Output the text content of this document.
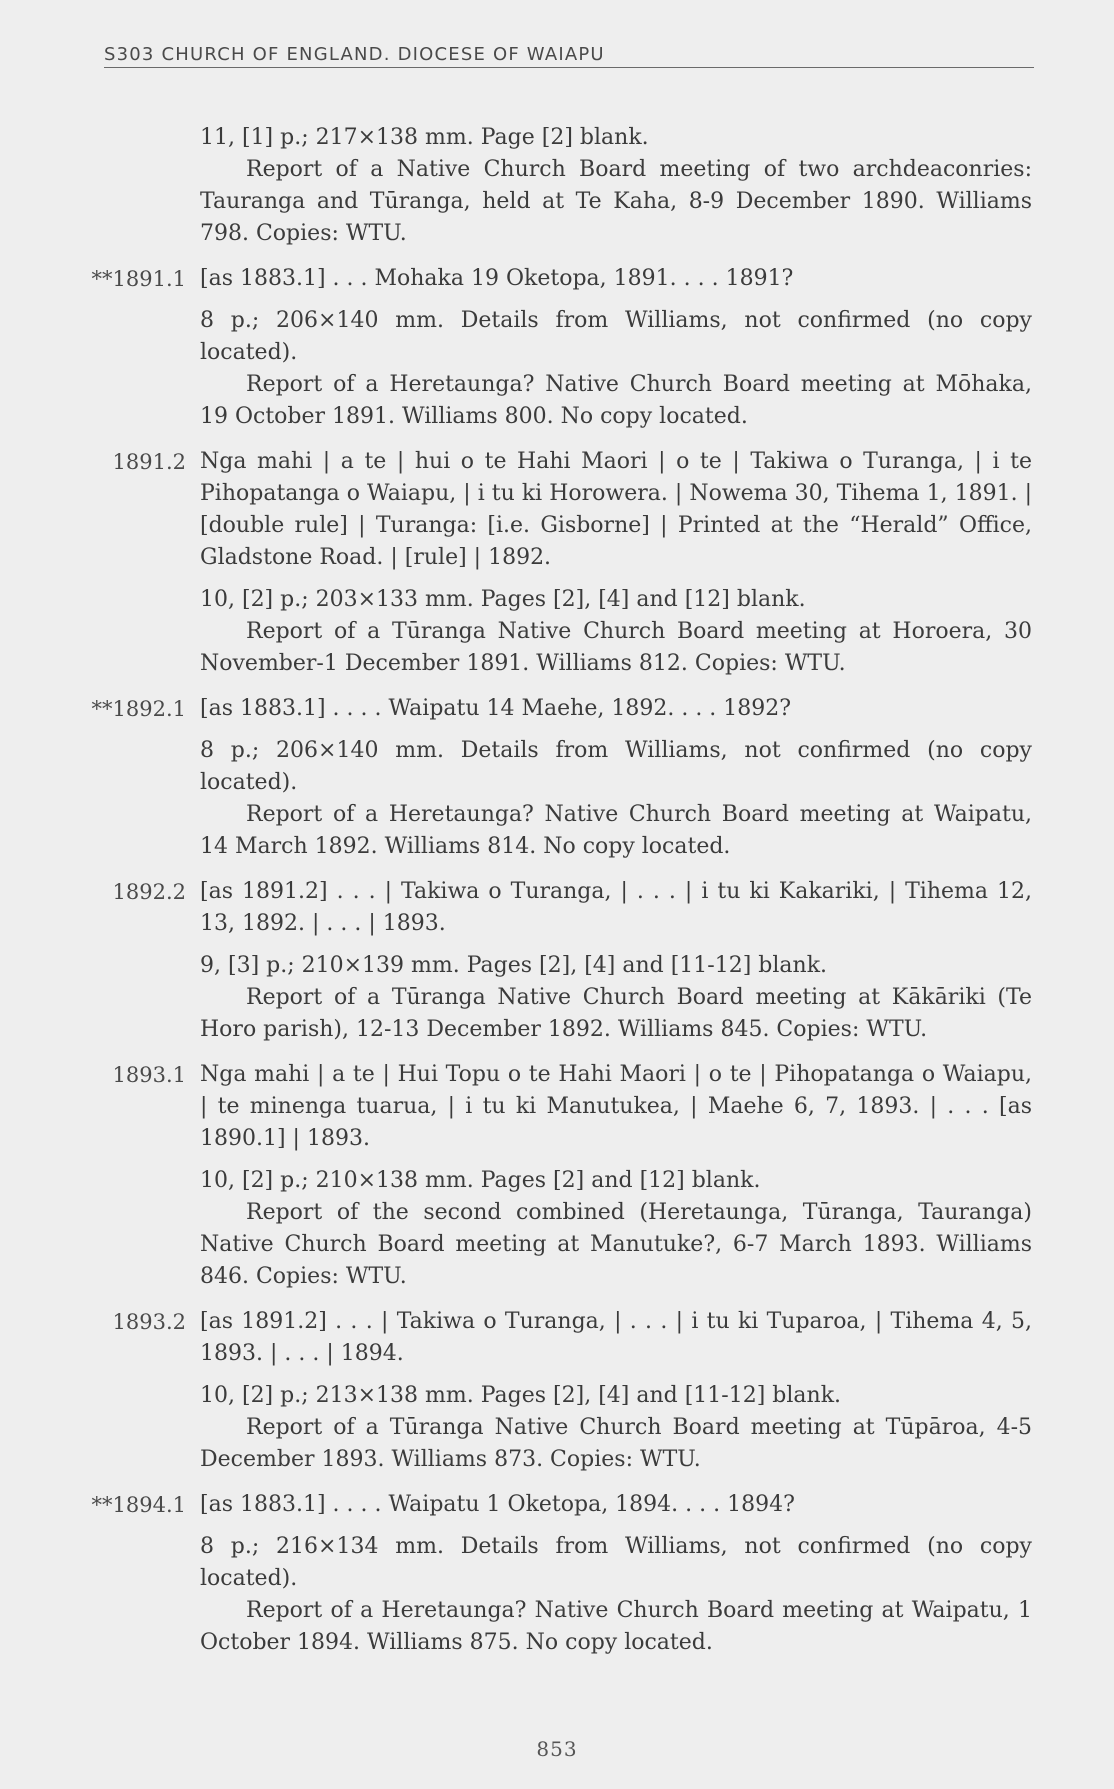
S303 CHURCH OF ENGLAND. DIOCESE OF WAIAPU

11, [1] p.; 217×138 mm. Page [2] blank.

Report of a Native Church Board meeting of two archdeaconries: Tauranga and Tūranga, held at Te Kaha, 8-9 December 1890. Williams 798. Copies: WTU.

**1891.1 [as 1883.1] . . . Mohaka 19 Oketopa, 1891. . . . 1891?

8 p.; 206×140 mm. Details from Williams, not confirmed (no copy located).

Report of a Heretaunga? Native Church Board meeting at Mōhaka, 19 October 1891. Williams 800. No copy located.

1891.2 Nga mahi | a te | hui o te Hahi Maori | o te | Takiwa o Turanga, | i te Pihopatanga o Waiapu, | i tu ki Horowera. | Nowema 30, Tihema 1, 1891. | [double rule] | Turanga: [i.e. Gisborne] | Printed at the “Herald” Office, Gladstone Road. | [rule] | 1892.

10, [2] p.; 203×133 mm. Pages [2], [4] and [12] blank.

Report of a Tūranga Native Church Board meeting at Horoera, 30 November-1 December 1891. Williams 812. Copies: WTU.

**1892.1 [as 1883.1] . . . . Waipatu 14 Maehe, 1892. . . . 1892?

8 p.; 206×140 mm. Details from Williams, not confirmed (no copy located).

Report of a Heretaunga? Native Church Board meeting at Waipatu, 14 March 1892. Williams 814. No copy located.

1892.2 [as 1891.2] . . . | Takiwa o Turanga, | . . . | i tu ki Kakariki, | Tihema 12, 13, 1892. | . . . | 1893.

9, [3] p.; 210×139 mm. Pages [2], [4] and [11-12] blank.

Report of a Tūranga Native Church Board meeting at Kākāriki (Te Horo parish), 12-13 December 1892. Williams 845. Copies: WTU.

1893.1 Nga mahi | a te | Hui Topu o te Hahi Maori | o te | Pihopatanga o Waiapu, | te minenga tuarua, | i tu ki Manutukea, | Maehe 6, 7, 1893. | . . . [as 1890.1] | 1893.

10, [2] p.; 210×138 mm. Pages [2] and [12] blank.

Report of the second combined (Heretaunga, Tūranga, Tauranga) Native Church Board meeting at Manutuke?, 6-7 March 1893. Williams 846. Copies: WTU.

1893.2 [as 1891.2] . . . | Takiwa o Turanga, | . . . | i tu ki Tuparoa, | Tihema 4, 5, 1893. | . . . | 1894.

10, [2] p.; 213×138 mm. Pages [2], [4] and [11-12] blank.

Report of a Tūranga Native Church Board meeting at Tūpāroa, 4-5 December 1893. Williams 873. Copies: WTU.

**1894.1 [as 1883.1] . . . . Waipatu 1 Oketopa, 1894. . . . 1894?

8 p.; 216×134 mm. Details from Williams, not confirmed (no copy located).

Report of a Heretaunga? Native Church Board meeting at Waipatu, 1 October 1894. Williams 875. No copy located.

853
